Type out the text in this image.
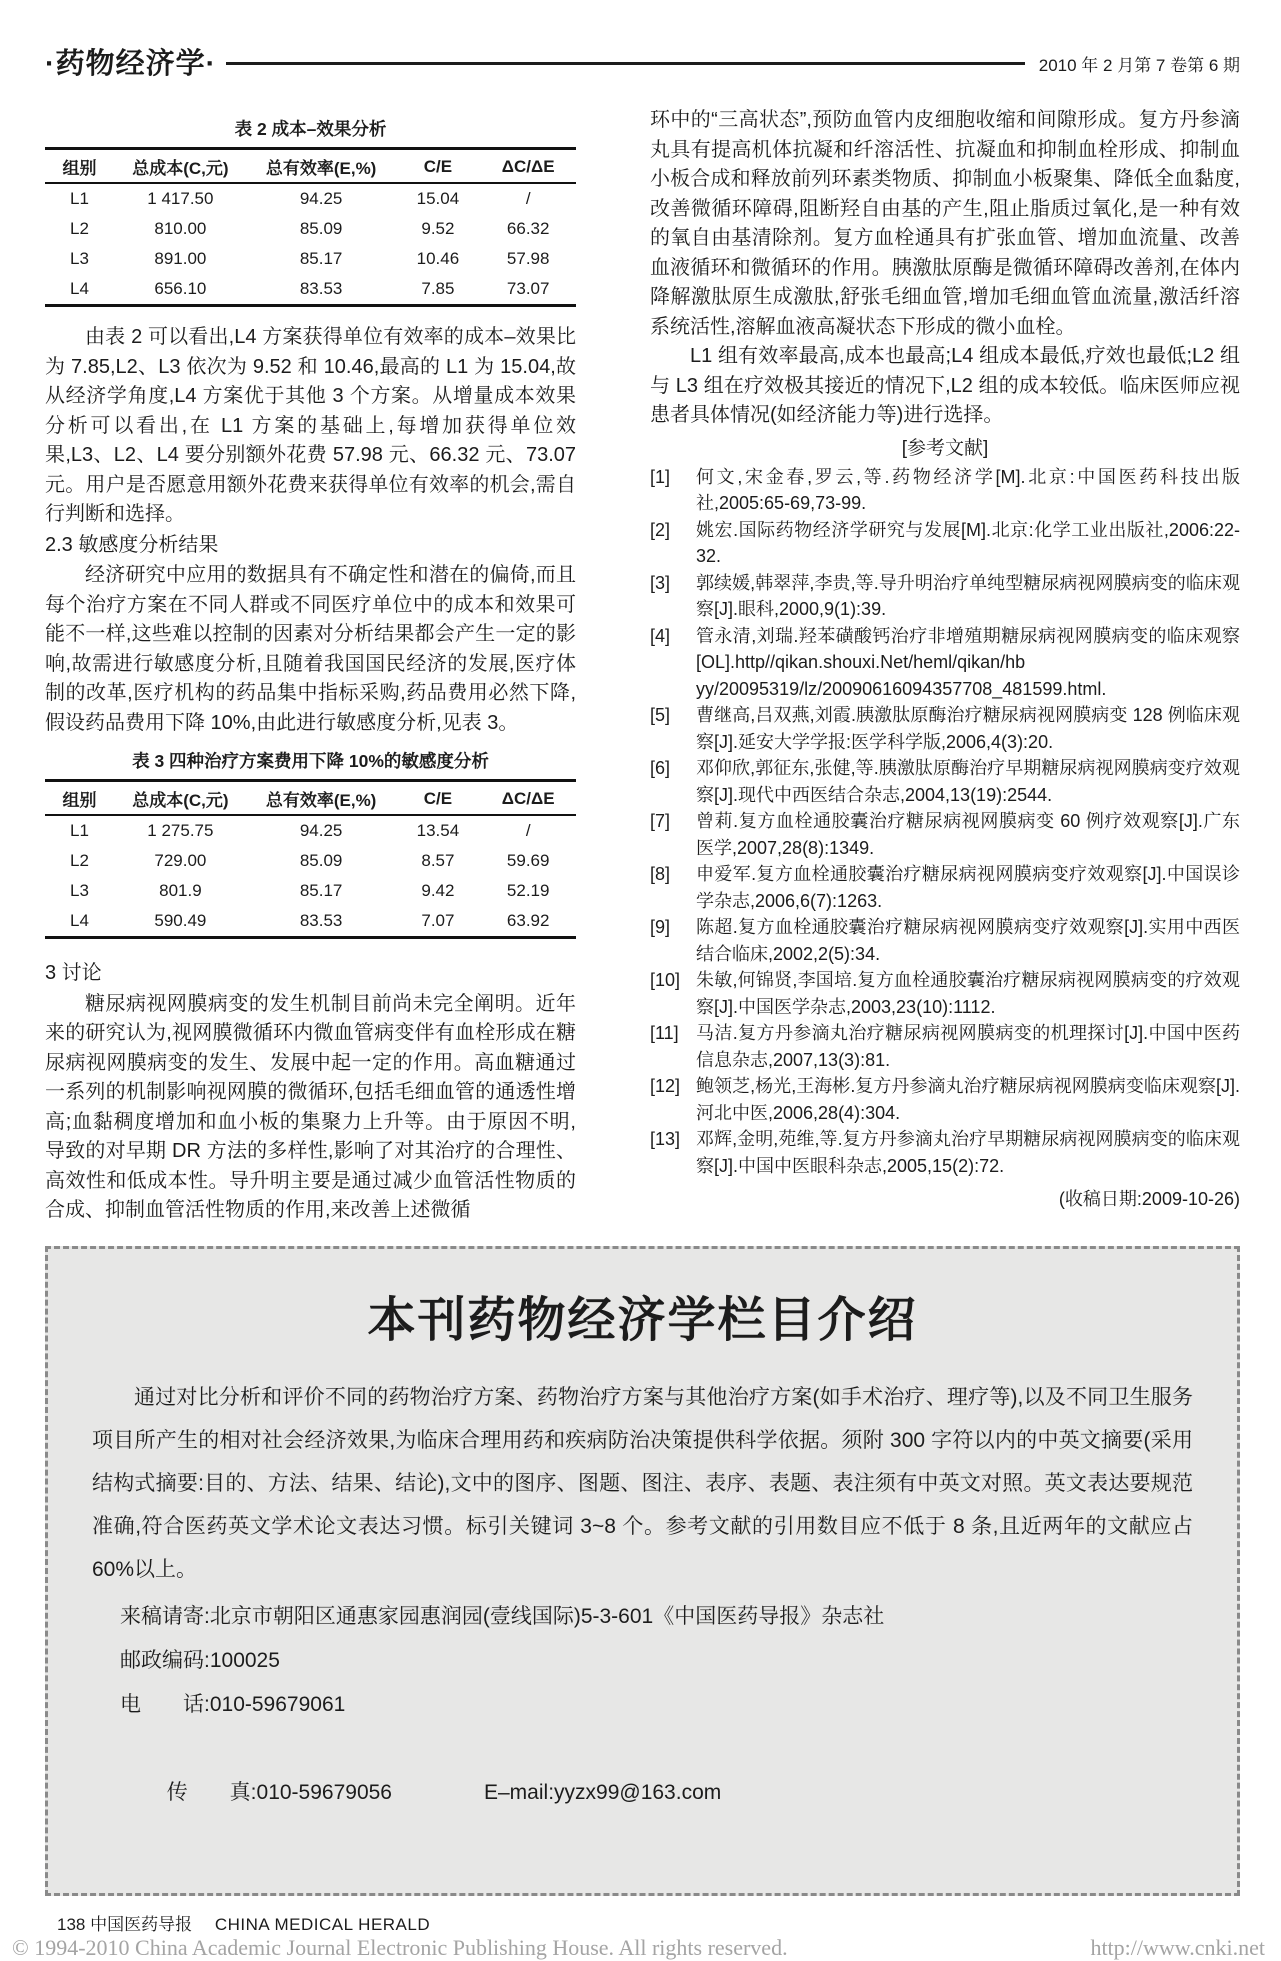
·药物经济学·	2010 年 2 月第 7 卷第 6 期
表 2 成本–效果分析
组别	总成本(C,元)	总有效率(E,%)	C/E	ΔC/ΔE
L1	1 417.50	94.25	15.04	/
L2	810.00	85.09	9.52	66.32
L3	891.00	85.17	10.46	57.98
L4	656.10	83.53	7.85	73.07

由表 2 可以看出,L4 方案获得单位有效率的成本–效果比为 7.85,L2、L3 依次为 9.52 和 10.46,最高的 L1 为 15.04,故从经济学角度,L4 方案优于其他 3 个方案。从增量成本效果分析可以看出,在 L1 方案的基础上,每增加获得单位效果,L3、L2、L4 要分别额外花费 57.98 元、66.32 元、73.07 元。用户是否愿意用额外花费来获得单位有效率的机会,需自行判断和选择。

2.3 敏感度分析结果

经济研究中应用的数据具有不确定性和潜在的偏倚,而且每个治疗方案在不同人群或不同医疗单位中的成本和效果可能不一样,这些难以控制的因素对分析结果都会产生一定的影响,故需进行敏感度分析,且随着我国国民经济的发展,医疗体制的改革,医疗机构的药品集中指标采购,药品费用必然下降,假设药品费用下降 10%,由此进行敏感度分析,见表 3。

表 3 四种治疗方案费用下降 10%的敏感度分析
组别	总成本(C,元)	总有效率(E,%)	C/E	ΔC/ΔE
L1	1 275.75	94.25	13.54	/
L2	729.00	85.09	8.57	59.69
L3	801.9	85.17	9.42	52.19
L4	590.49	83.53	7.07	63.92
3 讨论

糖尿病视网膜病变的发生机制目前尚未完全阐明。近年来的研究认为,视网膜微循环内微血管病变伴有血栓形成在糖尿病视网膜病变的发生、发展中起一定的作用。高血糖通过一系列的机制影响视网膜的微循环,包括毛细血管的通透性增高;血黏稠度增加和血小板的集聚力上升等。由于原因不明,导致的对早期 DR 方法的多样性,影响了对其治疗的合理性、高效性和低成本性。导升明主要是通过减少血管活性物质的合成、抑制血管活性物质的作用,来改善上述微循

环中的“三高状态”,预防血管内皮细胞收缩和间隙形成。复方丹参滴丸具有提高机体抗凝和纤溶活性、抗凝血和抑制血栓形成、抑制血小板合成和释放前列环素类物质、抑制血小板聚集、降低全血黏度,改善微循环障碍,阻断羟自由基的产生,阻止脂质过氧化,是一种有效的氧自由基清除剂。复方血栓通具有扩张血管、增加血流量、改善血液循环和微循环的作用。胰激肽原酶是微循环障碍改善剂,在体内降解激肽原生成激肽,舒张毛细血管,增加毛细血管血流量,激活纤溶系统活性,溶解血液高凝状态下形成的微小血栓。

L1 组有效率最高,成本也最高;L4 组成本最低,疗效也最低;L2 组与 L3 组在疗效极其接近的情况下,L2 组的成本较低。临床医师应视患者具体情况(如经济能力等)进行选择。

[参考文献]
[1]	何文,宋金春,罗云,等.药物经济学[M].北京:中国医药科技出版社,2005:65-69,73-99.
[2]	姚宏.国际药物经济学研究与发展[M].北京:化学工业出版社,2006:22-32.
[3]	郭续媛,韩翠萍,李贵,等.导升明治疗单纯型糖尿病视网膜病变的临床观察[J].眼科,2000,9(1):39.
[4]	管永清,刘瑞.羟苯磺酸钙治疗非增殖期糖尿病视网膜病变的临床观察[OL].http//qikan.shouxi.Net/heml/qikan/hb yy/20095319/lz/20090616094357708_481599.html.
[5]	曹继高,吕双燕,刘霞.胰激肽原酶治疗糖尿病视网膜病变 128 例临床观察[J].延安大学学报:医学科学版,2006,4(3):20.
[6]	邓仰欣,郭征东,张健,等.胰激肽原酶治疗早期糖尿病视网膜病变疗效观察[J].现代中西医结合杂志,2004,13(19):2544.
[7]	曾莉.复方血栓通胶囊治疗糖尿病视网膜病变 60 例疗效观察[J].广东医学,2007,28(8):1349.
[8]	申爱军.复方血栓通胶囊治疗糖尿病视网膜病变疗效观察[J].中国误诊学杂志,2006,6(7):1263.
[9]	陈超.复方血栓通胶囊治疗糖尿病视网膜病变疗效观察[J].实用中西医结合临床,2002,2(5):34.
[10] 朱敏,何锦贤,李国培.复方血栓通胶囊治疗糖尿病视网膜病变的疗效观察[J].中国医学杂志,2003,23(10):1112.
[11] 马洁.复方丹参滴丸治疗糖尿病视网膜病变的机理探讨[J].中国中医药信息杂志,2007,13(3):81.
[12] 鲍领芝,杨光,王海彬.复方丹参滴丸治疗糖尿病视网膜病变临床观察[J].河北中医,2006,28(4):304.
[13] 邓辉,金明,苑维,等.复方丹参滴丸治疗早期糖尿病视网膜病变的临床观察[J].中国中医眼科杂志,2005,15(2):72.
(收稿日期:2009-10-26)
本刊药物经济学栏目介绍

通过对比分析和评价不同的药物治疗方案、药物治疗方案与其他治疗方案(如手术治疗、理疗等),以及不同卫生服务项目所产生的相对社会经济效果,为临床合理用药和疾病防治决策提供科学依据。须附 300 字符以内的中英文摘要(采用结构式摘要:目的、方法、结果、结论),文中的图序、图题、图注、表序、表题、表注须有中英文对照。英文表达要规范准确,符合医药英文学术论文表达习惯。标引关键词 3~8 个。参考文献的引用数目应不低于 8 条,且近两年的文献应占 60%以上。

来稿请寄:北京市朝阳区通惠家园惠润园(壹线国际)5-3-601《中国医药导报》杂志社
邮政编码:100025
电　　话:010-59679061

传　　真:010-59679056	E–mail:yyzx99@163.com

138 中国医药导报 CHINA MEDICAL HERALD
© 1994-2010 China Academic Journal Electronic Publishing House. All rights reserved.	http://www.cnki.net
